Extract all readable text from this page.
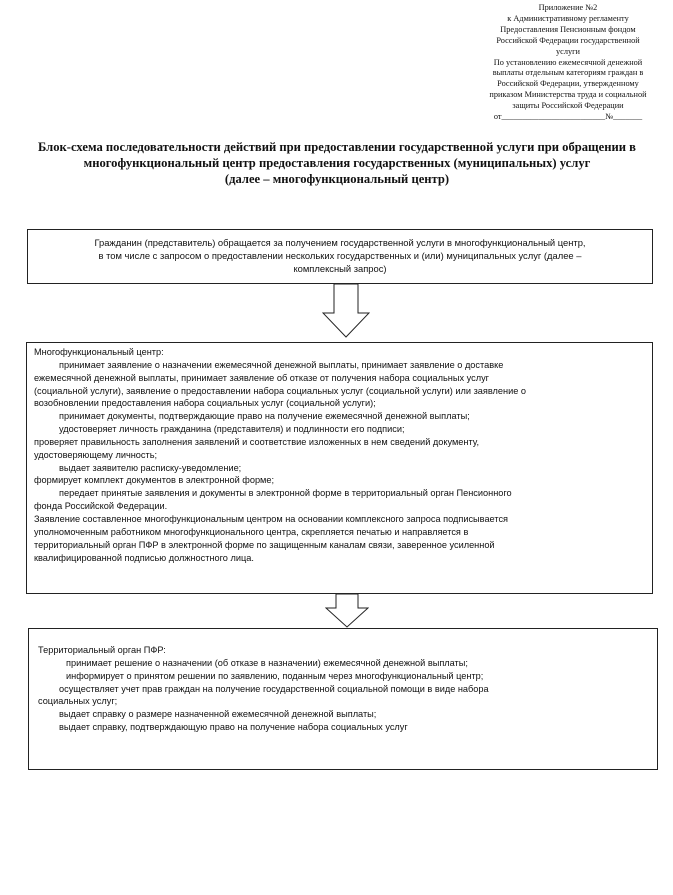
Приложение №2
к Административному регламенту
Предоставления Пенсионным фондом
Российской Федерации государственной
услуги
По установлению ежемесячной денежной
выплаты отдельным категориям граждан в
Российской Федерации, утвержденному
приказом Министерства труда и социальной
защиты Российской Федерации
от_________________________№_______
Блок-схема последовательности действий при предоставлении государственной услуги при обращении в
многофункциональный центр предоставления государственных (муниципальных) услуг
(далее – многофункциональный центр)
Гражданин (представитель) обращается за получением государственной услуги в многофункциональный центр,
в том числе с запросом о предоставлении нескольких государственных и (или) муниципальных услуг (далее –
комплексный запрос)
Многофункциональный центр:
принимает заявление о назначении ежемесячной денежной выплаты, принимает заявление о доставке
ежемесячной денежной выплаты, принимает заявление об отказе от получения набора социальных услуг
(социальной услуги), заявление о предоставлении набора социальных услуг (социальной услуги) или заявление о
возобновлении предоставления набора социальных услуг (социальной услуги);
принимает документы, подтверждающие право на получение ежемесячной денежной выплаты;
удостоверяет личность гражданина (представителя) и подлинности его подписи;
проверяет правильность заполнения заявлений и соответствие изложенных в нем сведений документу,
удостоверяющему личность;
выдает заявителю расписку-уведомление;
формирует комплект документов в электронной форме;
передает принятые заявления и документы в электронной форме в территориальный орган Пенсионного
фонда Российской Федерации.
Заявление составленное многофункциональным центром на основании комплексного запроса подписывается
уполномоченным работником многофункционального центра, скрепляется печатью и направляется в
территориальный орган ПФР в электронной форме по защищенным каналам связи, заверенное усиленной
квалифицированной подписью должностного лица.
Территориальный орган ПФР:
принимает решение о назначении (об отказе в назначении) ежемесячной денежной выплаты;
информирует о принятом решении по заявлению, поданным через многофункциональный центр;
осуществляет учет прав граждан на получение государственной социальной помощи в виде набора
социальных услуг;
выдает справку о размере назначенной ежемесячной денежной выплаты;
выдает справку, подтверждающую право на получение набора социальных услуг
